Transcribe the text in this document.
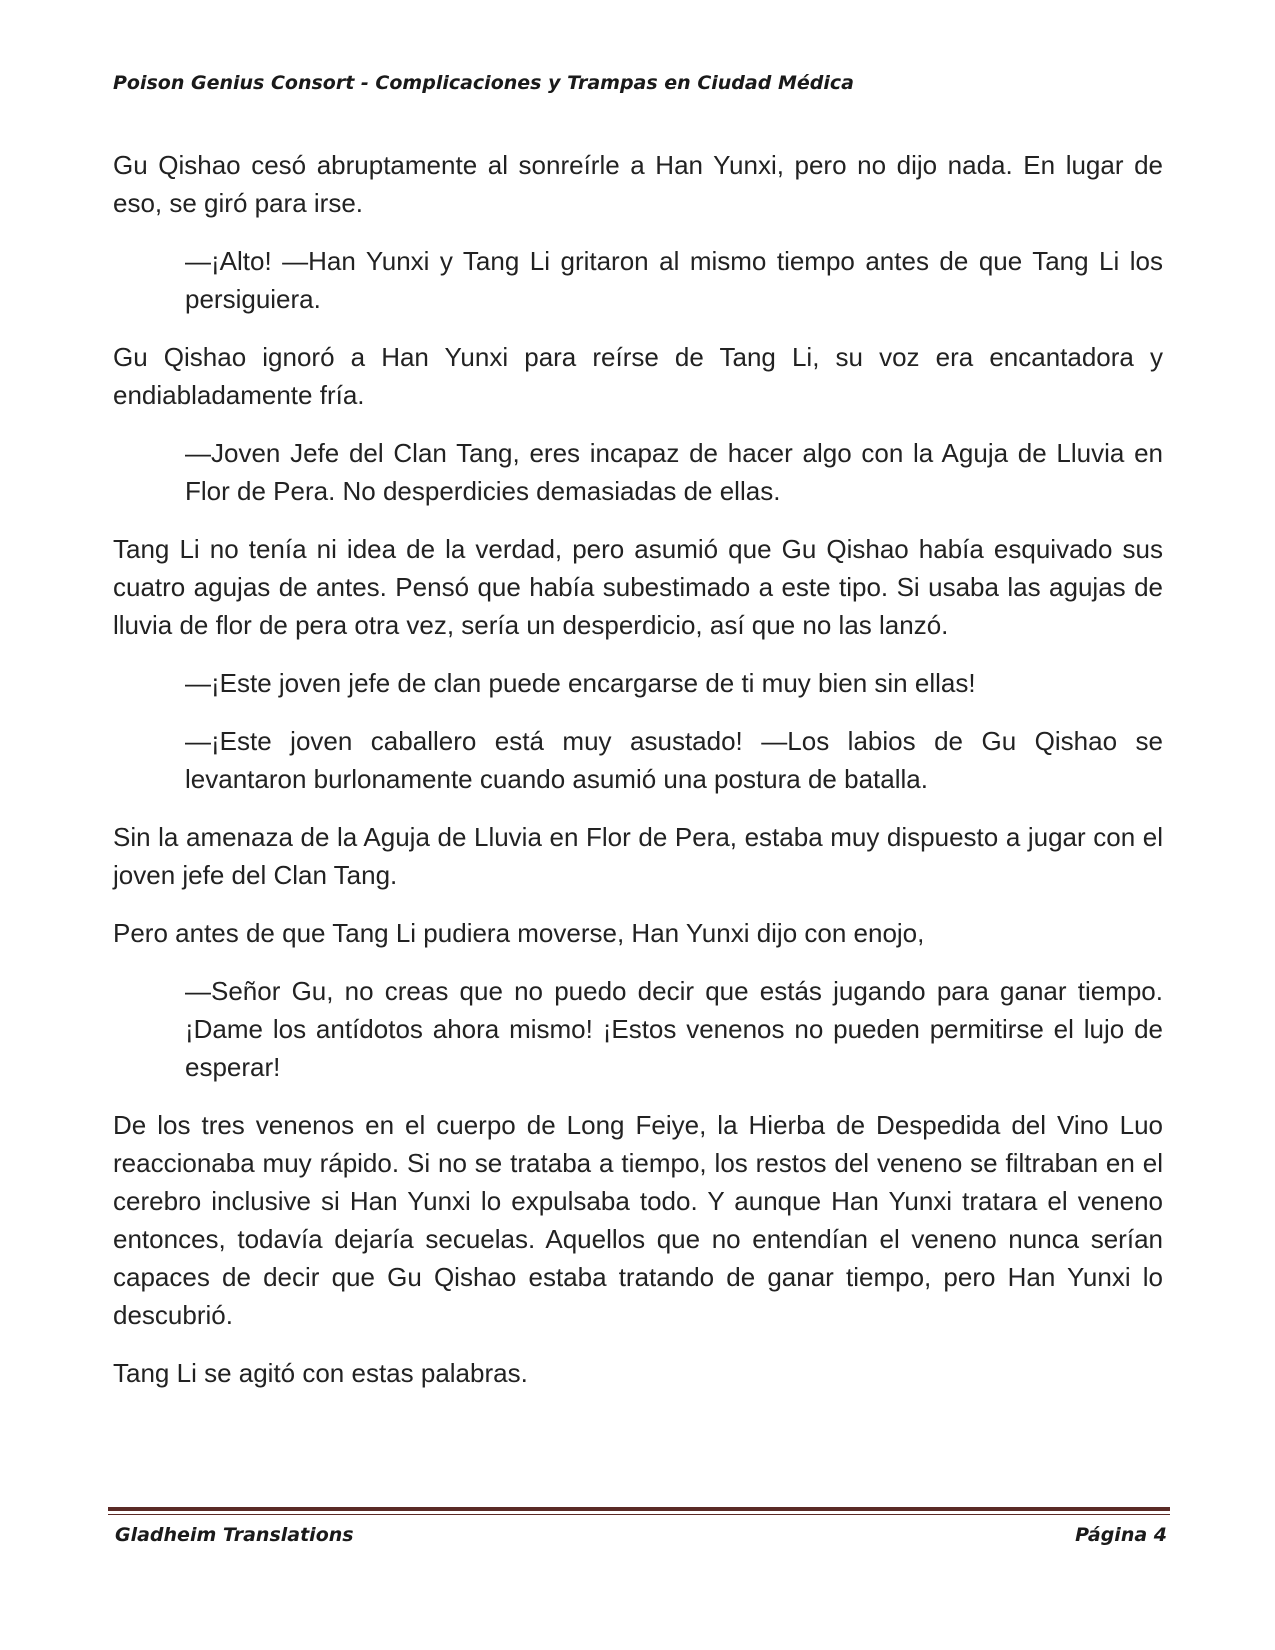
Poison Genius Consort - Complicaciones y Trampas en Ciudad Médica

Gu Qishao cesó abruptamente al sonreírle a Han Yunxi, pero no dijo nada. En lugar de eso, se giró para irse.

—¡Alto! —Han Yunxi y Tang Li gritaron al mismo tiempo antes de que Tang Li los persiguiera.

Gu Qishao ignoró a Han Yunxi para reírse de Tang Li, su voz era encantadora y endiabladamente fría.

—Joven Jefe del Clan Tang, eres incapaz de hacer algo con la Aguja de Lluvia en Flor de Pera. No desperdicies demasiadas de ellas.

Tang Li no tenía ni idea de la verdad, pero asumió que Gu Qishao había esquivado sus cuatro agujas de antes. Pensó que había subestimado a este tipo. Si usaba las agujas de lluvia de flor de pera otra vez, sería un desperdicio, así que no las lanzó.

—¡Este joven jefe de clan puede encargarse de ti muy bien sin ellas!

—¡Este joven caballero está muy asustado! —Los labios de Gu Qishao se levantaron burlonamente cuando asumió una postura de batalla.

Sin la amenaza de la Aguja de Lluvia en Flor de Pera, estaba muy dispuesto a jugar con el joven jefe del Clan Tang.

Pero antes de que Tang Li pudiera moverse, Han Yunxi dijo con enojo,

—Señor Gu, no creas que no puedo decir que estás jugando para ganar tiempo. ¡Dame los antídotos ahora mismo! ¡Estos venenos no pueden permitirse el lujo de esperar!

De los tres venenos en el cuerpo de Long Feiye, la Hierba de Despedida del Vino Luo reaccionaba muy rápido. Si no se trataba a tiempo, los restos del veneno se filtraban en el cerebro inclusive si Han Yunxi lo expulsaba todo. Y aunque Han Yunxi tratara el veneno entonces, todavía dejaría secuelas. Aquellos que no entendían el veneno nunca serían capaces de decir que Gu Qishao estaba tratando de ganar tiempo, pero Han Yunxi lo descubrió.

Tang Li se agitó con estas palabras.

Gladheim Translations	Página 4
